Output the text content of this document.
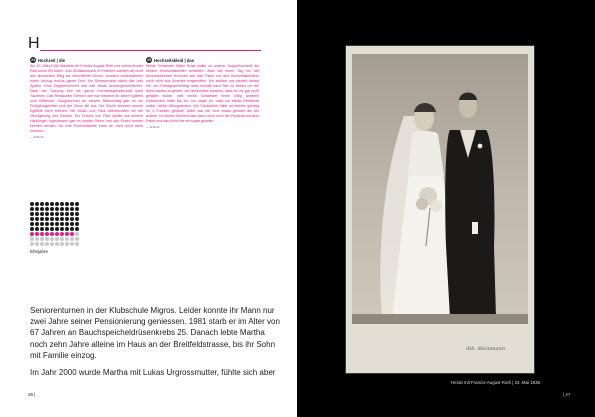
H
24 Hochzeit | die
Am 15. März1938 heiratete ich Francis-August Roth und meine Bruder Paul seine Elli Mann. Vom Zivilstandsamt in Fleterlen wählten wir nicht den direktesten Weg zur reformierten Kirche, sondern veranstalteten einen Umzug durchs ganze Dorf. Am Strassenrand stand das Volk Spalier. Eine Doppelhochzeit war halt etwas Aussergewöhnliches. Nach der Trauung fuhr die ganze Hochzeitsgesellschaft nach Täuffelen. Das Restaurant Sternen dort war bekannt für seine Egliflets vom Bielersee. Ausgerechnet an diesem Nachmittag gab es ein Frühjahrsgewitter und der Strom fiel aus. Die Köche konnten unsere Egliflets nicht fritieren. Mit Musik und Tanz überbrückten wir die Verzögerung des Essens. Ein Freund von Paul spielte auf seinem Handorgel. Irgendwann gab es wieder Strom und das Essen konnte serviert werden. An eine Hochzeitstorte kann ich mich nicht mehr erinnern.
— M.Roth
25 Hochzeitskleid | das
Meine Schwester Marie Rosa wollte zu unserer Doppelhochzeit die besten Hochzeitskleider bestellen. Aber bis einen Tag vor der bevorstehenden Hochzeit war das Paket mit den Hochzeitskleidern noch nicht aus Amerika eingetroffen. Wir stellten uns bereits darauf ein, am Freitagnachmittag noch schnell nach Biel zu fahren um ein Kleid kaufen zu gehen. Ich befürchtete sowieso, dass es mir gar nicht gefallen würde, weil meine Schwester einen völlig anderen Geschmack hatte als ich. Ich sagte ihr, dass ich etwas Einfaches wollte, nichts Überspanntes. Die Schachteln hätte ich bereits günstig für 3 Franken gekauft. Dafür war der eine etwas grösser als der andere. Im letzten Moment kam dann doch noch der Postbote mit dem Paket und das Kleid hat mir sogar gefallen.
— M.Roth
Ehejahre

Seniorenturnen in der Klubschule Migros. Leider konnte ihr Mann nur zwei Jahre seiner Pensionierung geniessen. 1981 starb er im Alter von 67 Jahren an Bauchspeicheldrüsenkrebs 25. Danach lebte Martha noch zehn Jahre alleine im Haus an der Breitfeldstrasse, bis ihr Sohn mit Familie einzog.

Im Jahr 2000 wurde Martha mit Lukas Urgrossmutter, fühlte sich aber

26 |
Alb. Steinmann
Heirat mit Francis-August Roth | 23. Mai 1938.
| 27
